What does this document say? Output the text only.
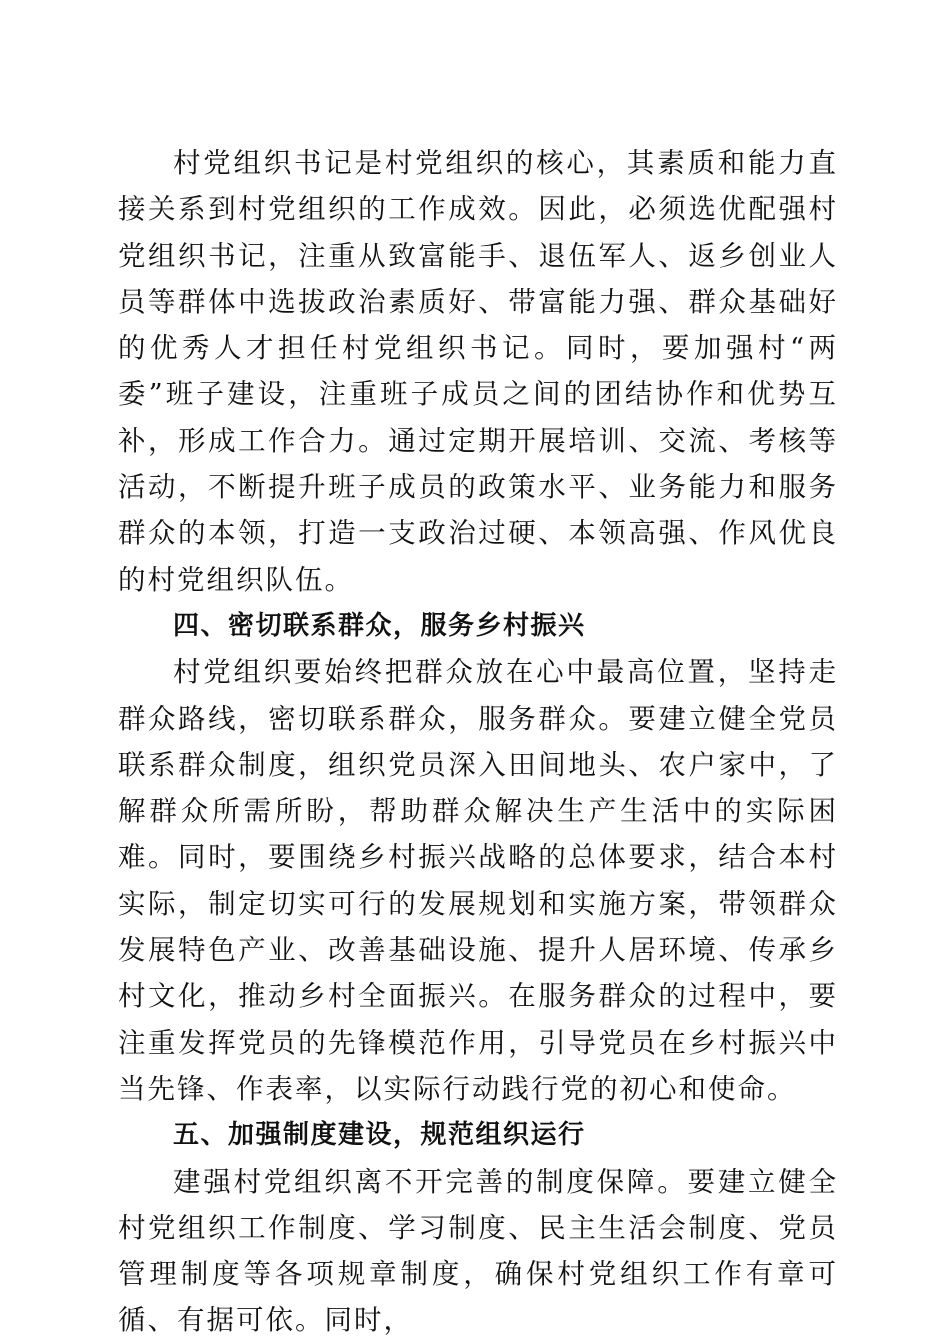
村党组织书记是村党组织的核心，其素质和能力直接关系到村党组织的工作成效。因此，必须选优配强村党组织书记，注重从致富能手、退伍军人、返乡创业人员等群体中选拔政治素质好、带富能力强、群众基础好的优秀人才担任村党组织书记。同时，要加强村“两委”班子建设，注重班子成员之间的团结协作和优势互补，形成工作合力。通过定期开展培训、交流、考核等活动，不断提升班子成员的政策水平、业务能力和服务群众的本领，打造一支政治过硬、本领高强、作风优良的村党组织队伍。

四、密切联系群众，服务乡村振兴

村党组织要始终把群众放在心中最高位置，坚持走群众路线，密切联系群众，服务群众。要建立健全党员联系群众制度，组织党员深入田间地头、农户家中，了解群众所需所盼，帮助群众解决生产生活中的实际困难。同时，要围绕乡村振兴战略的总体要求，结合本村实际，制定切实可行的发展规划和实施方案，带领群众发展特色产业、改善基础设施、提升人居环境、传承乡村文化，推动乡村全面振兴。在服务群众的过程中，要注重发挥党员的先锋模范作用，引导党员在乡村振兴中当先锋、作表率，以实际行动践行党的初心和使命。

五、加强制度建设，规范组织运行

建强村党组织离不开完善的制度保障。要建立健全村党组织工作制度、学习制度、民主生活会制度、党员管理制度等各项规章制度，确保村党组织工作有章可循、有据可依。同时，
